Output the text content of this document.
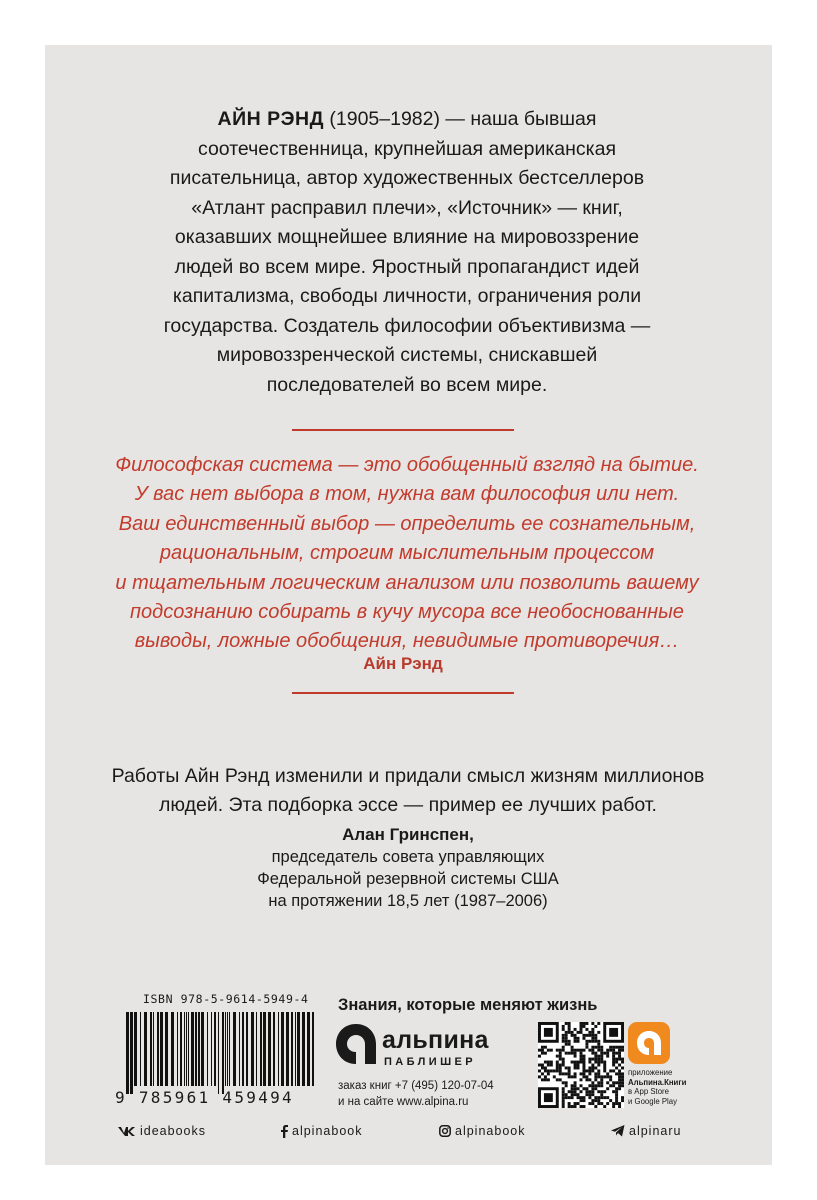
АЙН РЭНД (1905–1982) — наша бывшая
соотечественница, крупнейшая американская
писательница, автор художественных бестселлеров
«Атлант расправил плечи», «Источник» — книг,
оказавших мощнейшее влияние на мировоззрение
людей во всем мире. Яростный пропагандист идей
капитализма, свободы личности, ограничения роли
государства. Создатель философии объективизма —
мировоззренческой системы, снискавшей
последователей во всем мире.
Философская система — это обобщенный взгляд на бытие.
У вас нет выбора в том, нужна вам философия или нет.
Ваш единственный выбор — определить ее сознательным,
рациональным, строгим мыслительным процессом
и тщательным логическим анализом или позволить вашему
подсознанию собирать в кучу мусора все необоснованные
выводы, ложные обобщения, невидимые противоречия…
Айн Рэнд
Работы Айн Рэнд изменили и придали смысл жизням миллионов
людей. Эта подборка эссе — пример ее лучших работ.
Алан Гринспен,
председатель совета управляющих
Федеральной резервной системы США
на протяжении 18,5 лет (1987–2006)
ISBN 978-5-9614-5949-4
9 785961 459494
Знания, которые меняют жизнь
альпина
ПАБЛИШЕР
заказ книг +7 (495) 120-07-04
и на сайте www.alpina.ru
приложение
Альпина.Книги
в App Store
и Google Play
ideabooks	alpinabook	alpinabook	alpinaru
